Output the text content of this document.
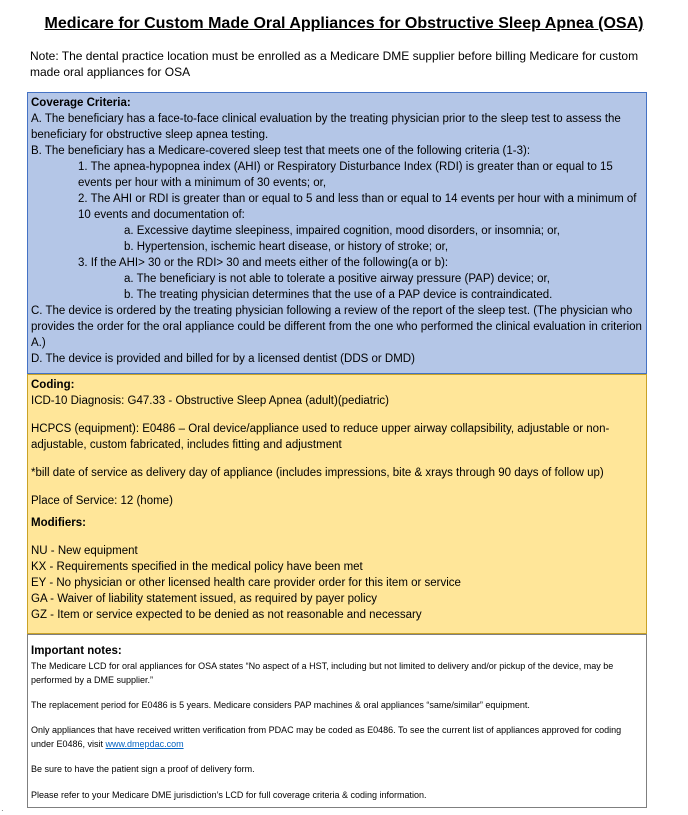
Medicare for Custom Made Oral Appliances for Obstructive Sleep Apnea (OSA)
Note: The dental practice location must be enrolled as a Medicare DME supplier before billing Medicare for custom made oral appliances for OSA
Coverage Criteria:
A. The beneficiary has a face-to-face clinical evaluation by the treating physician prior to the sleep test to assess the beneficiary for obstructive sleep apnea testing.
B. The beneficiary has a Medicare-covered sleep test that meets one of the following criteria (1-3):
1. The apnea-hypopnea index (AHI) or Respiratory Disturbance Index (RDI) is greater than or equal to 15 events per hour with a minimum of 30 events; or,
2. The AHI or RDI is greater than or equal to 5 and less than or equal to 14 events per hour with a minimum of 10 events and documentation of:
a. Excessive daytime sleepiness, impaired cognition, mood disorders, or insomnia; or,
b. Hypertension, ischemic heart disease, or history of stroke; or,
3. If the AHI> 30 or the RDI> 30 and meets either of the following(a or b):
a. The beneficiary is not able to tolerate a positive airway pressure (PAP) device; or,
b. The treating physician determines that the use of a PAP device is contraindicated.
C. The device is ordered by the treating physician following a review of the report of the sleep test. (The physician who provides the order for the oral appliance could be different from the one who performed the clinical evaluation in criterion A.)
D. The device is provided and billed for by a licensed dentist (DDS or DMD)
Coding:
ICD-10 Diagnosis: G47.33 - Obstructive Sleep Apnea (adult)(pediatric)
HCPCS (equipment): E0486 – Oral device/appliance used to reduce upper airway collapsibility, adjustable or non-adjustable, custom fabricated, includes fitting and adjustment
*bill date of service as delivery day of appliance (includes impressions, bite & xrays through 90 days of follow up)
Place of Service: 12 (home)
Modifiers:
NU - New equipment
KX - Requirements specified in the medical policy have been met
EY - No physician or other licensed health care provider order for this item or service
GA - Waiver of liability statement issued, as required by payer policy
GZ - Item or service expected to be denied as not reasonable and necessary
Important notes:
The Medicare LCD for oral appliances for OSA states “No aspect of a HST, including but not limited to delivery and/or pickup of the device, may be performed by a DME supplier.”
The replacement period for E0486 is 5 years. Medicare considers PAP machines & oral appliances “same/similar” equipment.
Only appliances that have received written verification from PDAC may be coded as E0486. To see the current list of appliances approved for coding under E0486, visit www.dmepdac.com
Be sure to have the patient sign a proof of delivery form.
Please refer to your Medicare DME jurisdiction’s LCD for full coverage criteria & coding information.
·
